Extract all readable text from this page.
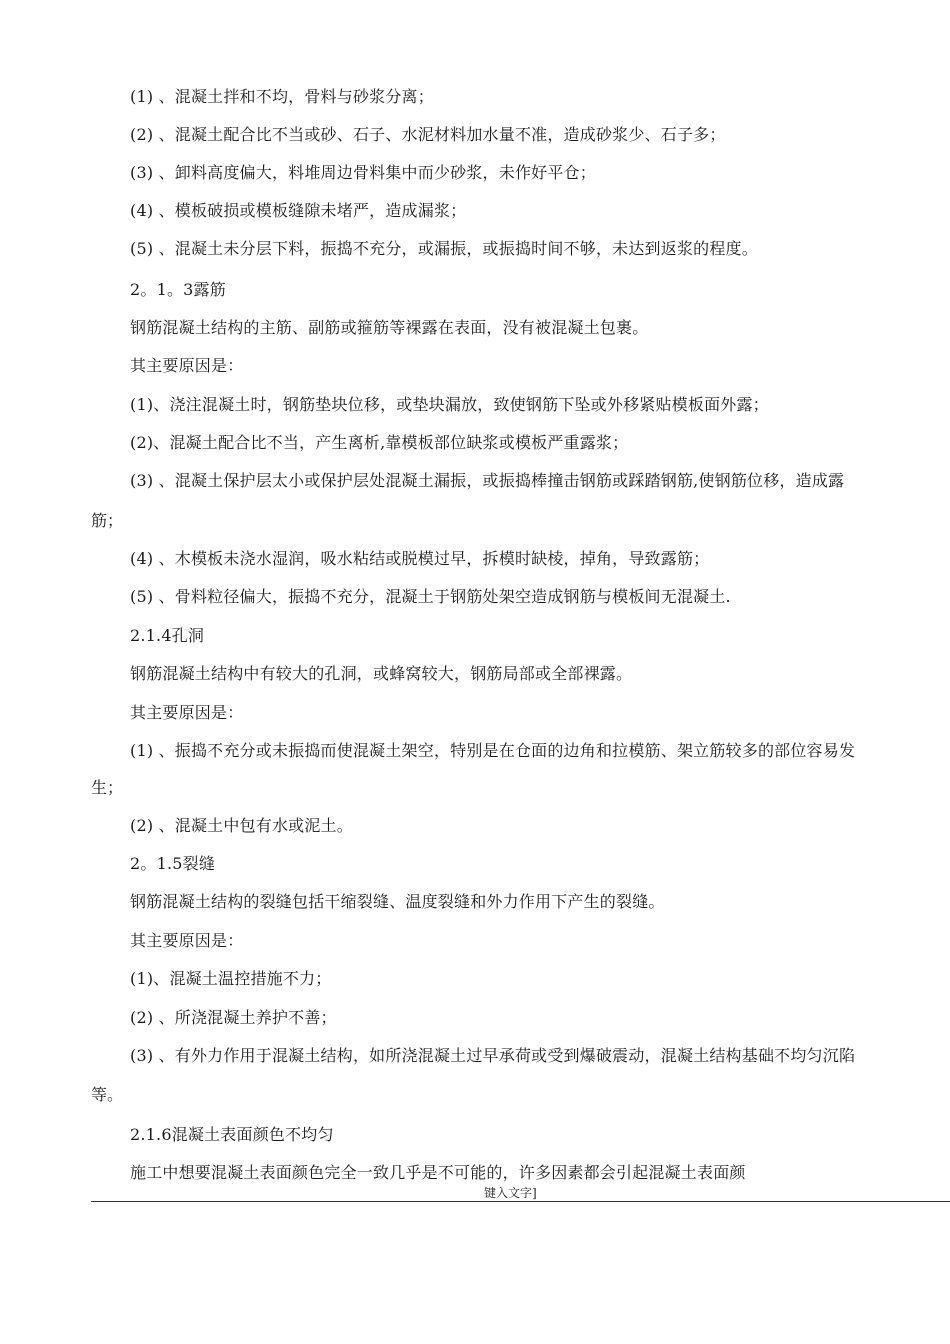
(1) 、混凝土拌和不均，骨料与砂浆分离；
(2) 、混凝土配合比不当或砂、石子、水泥材料加水量不准，造成砂浆少、石子多；
(3) 、卸料高度偏大，料堆周边骨料集中而少砂浆，未作好平仓；
(4) 、模板破损或模板缝隙未堵严，造成漏浆；
(5) 、混凝土未分层下料，振捣不充分，或漏振，或振捣时间不够，未达到返浆的程度。
2。1。3露筋
钢筋混凝土结构的主筋、副筋或箍筋等裸露在表面，没有被混凝土包裹。
其主要原因是：
(1)、浇注混凝土时，钢筋垫块位移，或垫块漏放，致使钢筋下坠或外移紧贴模板面外露；
(2)、混凝土配合比不当，产生离析,靠模板部位缺浆或模板严重露浆；
(3) 、混凝土保护层太小或保护层处混凝土漏振，或振捣棒撞击钢筋或踩踏钢筋,使钢筋位移，造成露
筋；
(4) 、木模板未浇水湿润，吸水粘结或脱模过早，拆模时缺棱，掉角，导致露筋；
(5) 、骨料粒径偏大，振捣不充分，混凝土于钢筋处架空造成钢筋与模板间无混凝土.
2.1.4孔洞
钢筋混凝土结构中有较大的孔洞，或蜂窝较大，钢筋局部或全部裸露。
其主要原因是：
(1) 、振捣不充分或未振捣而使混凝土架空，特别是在仓面的边角和拉模筋、架立筋较多的部位容易发
生；
(2) 、混凝土中包有水或泥土。
2。1.5裂缝
钢筋混凝土结构的裂缝包括干缩裂缝、温度裂缝和外力作用下产生的裂缝。
其主要原因是：
(1)、混凝土温控措施不力；
(2) 、所浇混凝土养护不善；
(3) 、有外力作用于混凝土结构，如所浇混凝土过早承荷或受到爆破震动，混凝土结构基础不均匀沉陷
等。
2.1.6混凝土表面颜色不均匀
施工中想要混凝土表面颜色完全一致几乎是不可能的，许多因素都会引起混凝土表面颜
键入文字]
